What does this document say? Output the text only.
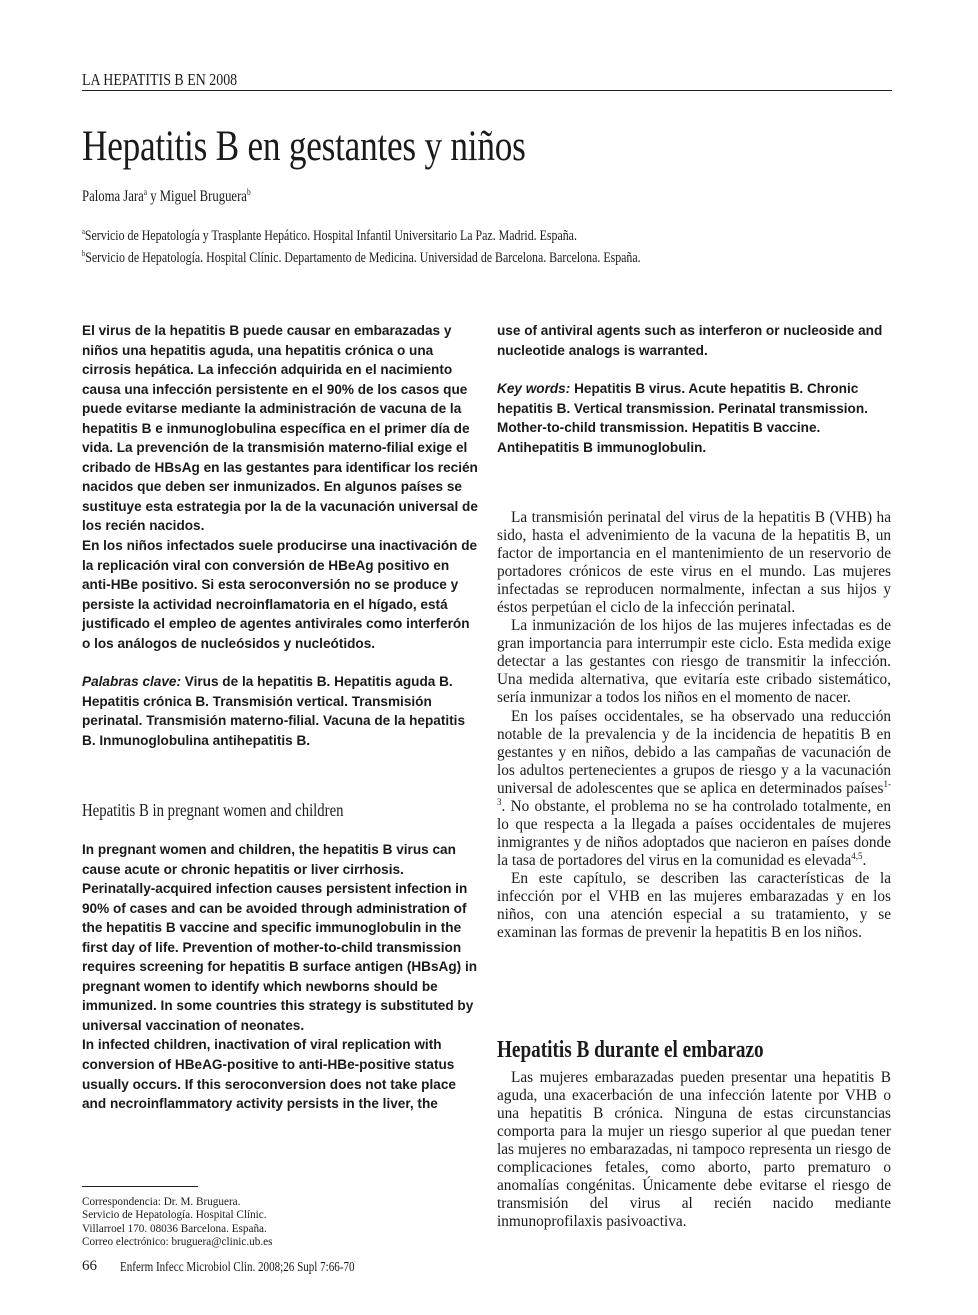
LA HEPATITIS B EN 2008
Hepatitis B en gestantes y niños
Paloma Jara$^a$ y Miguel Bruguera$^b$
$^a$Servicio de Hepatología y Trasplante Hepático. Hospital Infantil Universitario La Paz. Madrid. España.
$^b$Servicio de Hepatología. Hospital Clínic. Departamento de Medicina. Universidad de Barcelona. Barcelona. España.

El virus de la hepatitis B puede causar en embarazadas y niños una hepatitis aguda, una hepatitis crónica o una cirrosis hepática. La infección adquirida en el nacimiento causa una infección persistente en el 90% de los casos que puede evitarse mediante la administración de vacuna de la hepatitis B e inmunoglobulina específica en el primer día de vida. La prevención de la transmisión materno-filial exige el cribado de HBsAg en las gestantes para identificar los recién nacidos que deben ser inmunizados. En algunos países se sustituye esta estrategia por la de la vacunación universal de los recién nacidos.

En los niños infectados suele producirse una inactivación de la replicación viral con conversión de HBeAg positivo en anti-HBe positivo. Si esta seroconversión no se produce y persiste la actividad necroinflamatoria en el hígado, está justificado el empleo de agentes antivirales como interferón o los análogos de nucleósidos y nucleótidos.

Palabras clave: Virus de la hepatitis B. Hepatitis aguda B. Hepatitis crónica B. Transmisión vertical. Transmisión perinatal. Transmisión materno-filial. Vacuna de la hepatitis B. Inmunoglobulina antihepatitis B.

Hepatitis B in pregnant women and children

In pregnant women and children, the hepatitis B virus can cause acute or chronic hepatitis or liver cirrhosis. Perinatally-acquired infection causes persistent infection in 90% of cases and can be avoided through administration of the hepatitis B vaccine and specific immunoglobulin in the first day of life. Prevention of mother-to-child transmission requires screening for hepatitis B surface antigen (HBsAg) in pregnant women to identify which newborns should be immunized. In some countries this strategy is substituted by universal vaccination of neonates.

In infected children, inactivation of viral replication with conversion of HBeAG-positive to anti-HBe-positive status usually occurs. If this seroconversion does not take place and necroinflammatory activity persists in the liver, the

use of antiviral agents such as interferon or nucleoside and nucleotide analogs is warranted.

Key words: Hepatitis B virus. Acute hepatitis B. Chronic hepatitis B. Vertical transmission. Perinatal transmission. Mother-to-child transmission. Hepatitis B vaccine. Antihepatitis B immunoglobulin.

La transmisión perinatal del virus de la hepatitis B (VHB) ha sido, hasta el advenimiento de la vacuna de la hepatitis B, un factor de importancia en el mantenimiento de un reservorio de portadores crónicos de este virus en el mundo. Las mujeres infectadas se reproducen normalmente, infectan a sus hijos y éstos perpetúan el ciclo de la infección perinatal.

La inmunización de los hijos de las mujeres infectadas es de gran importancia para interrumpir este ciclo. Esta medida exige detectar a las gestantes con riesgo de transmitir la infección. Una medida alternativa, que evitaría este cribado sistemático, sería inmunizar a todos los niños en el momento de nacer.

En los países occidentales, se ha observado una reducción notable de la prevalencia y de la incidencia de hepatitis B en gestantes y en niños, debido a las campañas de vacunación de los adultos pertenecientes a grupos de riesgo y a la vacunación universal de adolescentes que se aplica en determinados países$^{1-3}$. No obstante, el problema no se ha controlado totalmente, en lo que respecta a la llegada a países occidentales de mujeres inmigrantes y de niños adoptados que nacieron en países donde la tasa de portadores del virus en la comunidad es elevada$^{4,5}$.

En este capítulo, se describen las características de la infección por el VHB en las mujeres embarazadas y en los niños, con una atención especial a su tratamiento, y se examinan las formas de prevenir la hepatitis B en los niños.

Hepatitis B durante el embarazo

Las mujeres embarazadas pueden presentar una hepatitis B aguda, una exacerbación de una infección latente por VHB o una hepatitis B crónica. Ninguna de estas circunstancias comporta para la mujer un riesgo superior al que puedan tener las mujeres no embarazadas, ni tampoco representa un riesgo de complicaciones fetales, como aborto, parto prematuro o anomalías congénitas. Únicamente debe evitarse el riesgo de transmisión del virus al recién nacido mediante inmunoprofilaxis pasivoactiva.

Correspondencia: Dr. M. Bruguera.
Servicio de Hepatología. Hospital Clínic.
Villarroel 170. 08036 Barcelona. España.
Correo electrónico: bruguera@clinic.ub.es
66 Enferm Infecc Microbiol Clin. 2008;26 Supl 7:66-70
